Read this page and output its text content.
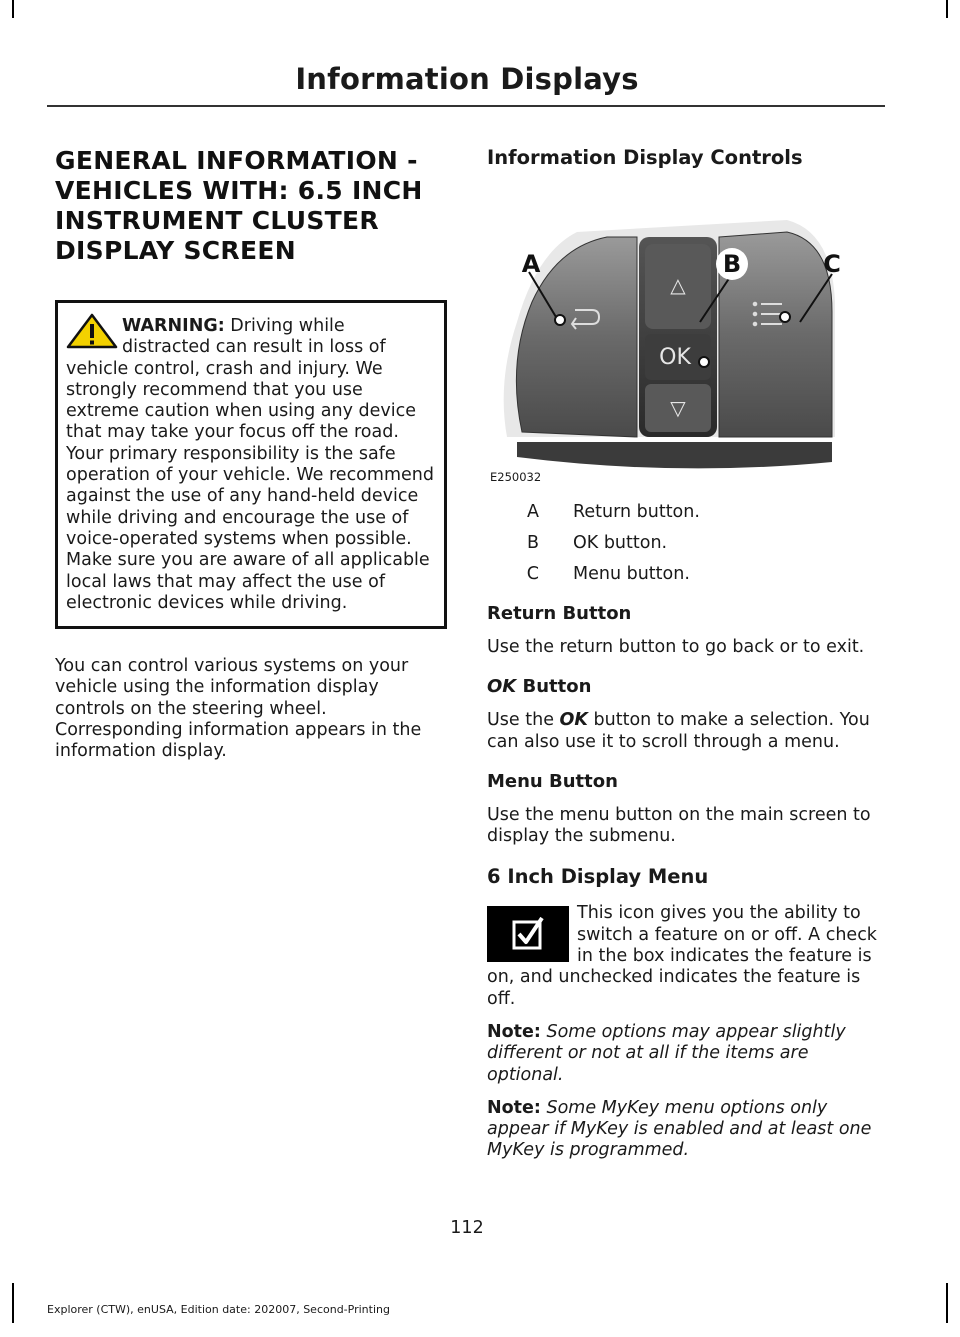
Information Displays
GENERAL INFORMATION - VEHICLES WITH: 6.5 INCH INSTRUMENT CLUSTER DISPLAY SCREEN
WARNING: Driving while distracted can result in loss of vehicle control, crash and injury. We strongly recommend that you use extreme caution when using any device that may take your focus off the road. Your primary responsibility is the safe operation of your vehicle. We recommend against the use of any hand-held device while driving and encourage the use of voice-operated systems when possible. Make sure you are aware of all applicable local laws that may affect the use of electronic devices while driving.

You can control various systems on your vehicle using the information display controls on the steering wheel. Corresponding information appears in the information display.

Information Display Controls
△
OK
▽
A	B	C
E250032
A	Return button.
B	OK button.
C	Menu button.
Return Button

Use the return button to go back or to exit.

OK Button

Use the OK button to make a selection. You can also use it to scroll through a menu.

Menu Button

Use the menu button on the main screen to display the submenu.

6 Inch Display Menu

This icon gives you the ability to switch a feature on or off. A check in the box indicates the feature is on, and unchecked indicates the feature is off.

Note: Some options may appear slightly different or not at all if the items are optional.

Note: Some MyKey menu options only appear if MyKey is enabled and at least one MyKey is programmed.

112
Explorer (CTW), enUSA, Edition date: 202007, Second-Printing
